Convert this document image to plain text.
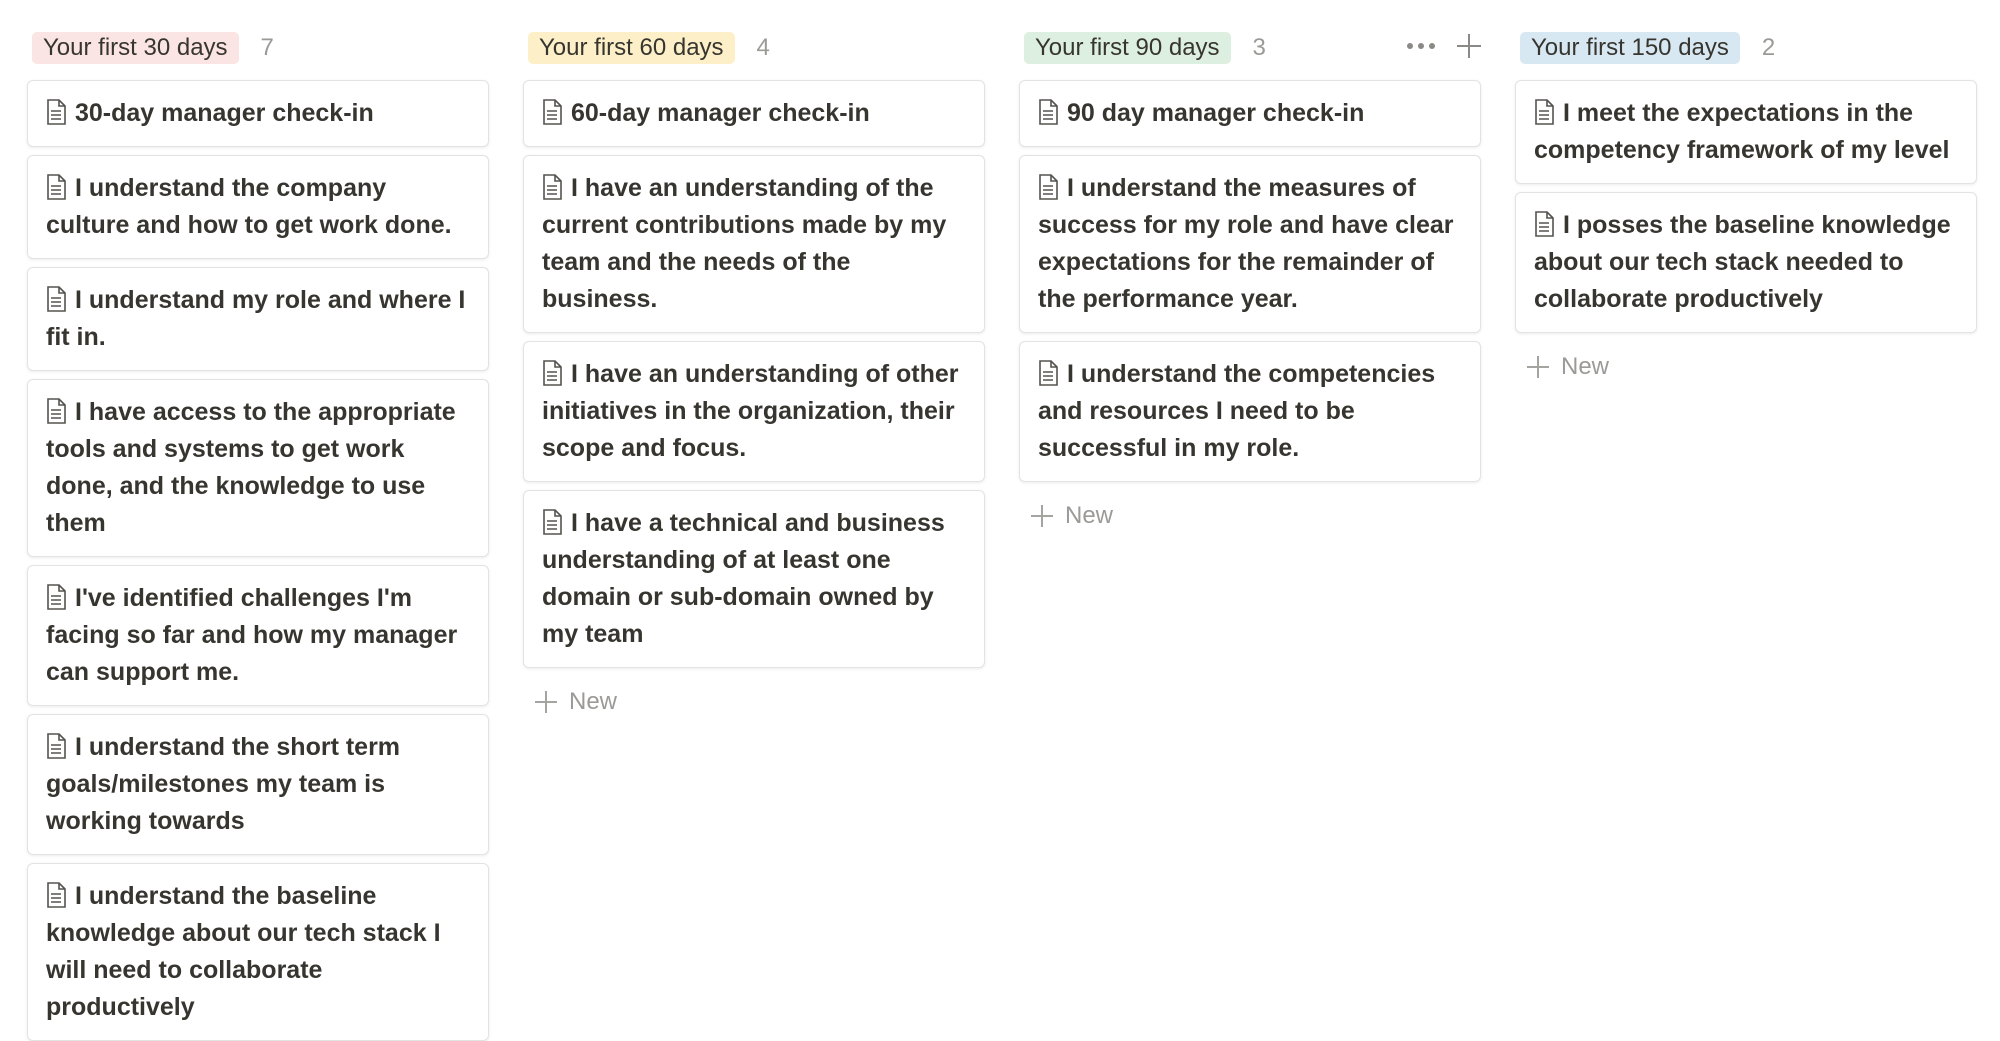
Your first 30 days	7
30-day manager check-in
I understand the company culture and how to get work done.
I understand my role and where I fit in.
I have access to the appropriate tools and systems to get work done, and the knowledge to use them
I've identified challenges I'm facing so far and how my manager can support me.
I understand the short term goals/milestones my team is working towards
I understand the baseline knowledge about our tech stack I will need to collaborate productively
Your first 60 days	4
60-day manager check-in
I have an understanding of the current contributions made by my team and the needs of the business.
I have an understanding of other initiatives in the organization, their scope and focus.
I have a technical and business understanding of at least one domain or sub-domain owned by my team
New
Your first 90 days	3
90 day manager check-in
I understand the measures of success for my role and have clear expectations for the remainder of the performance year.
I understand the competencies and resources I need to be successful in my role.
New
Your first 150 days	2
I meet the expectations in the competency framework of my level
I posses the baseline knowledge about our tech stack needed to collaborate productively
New
